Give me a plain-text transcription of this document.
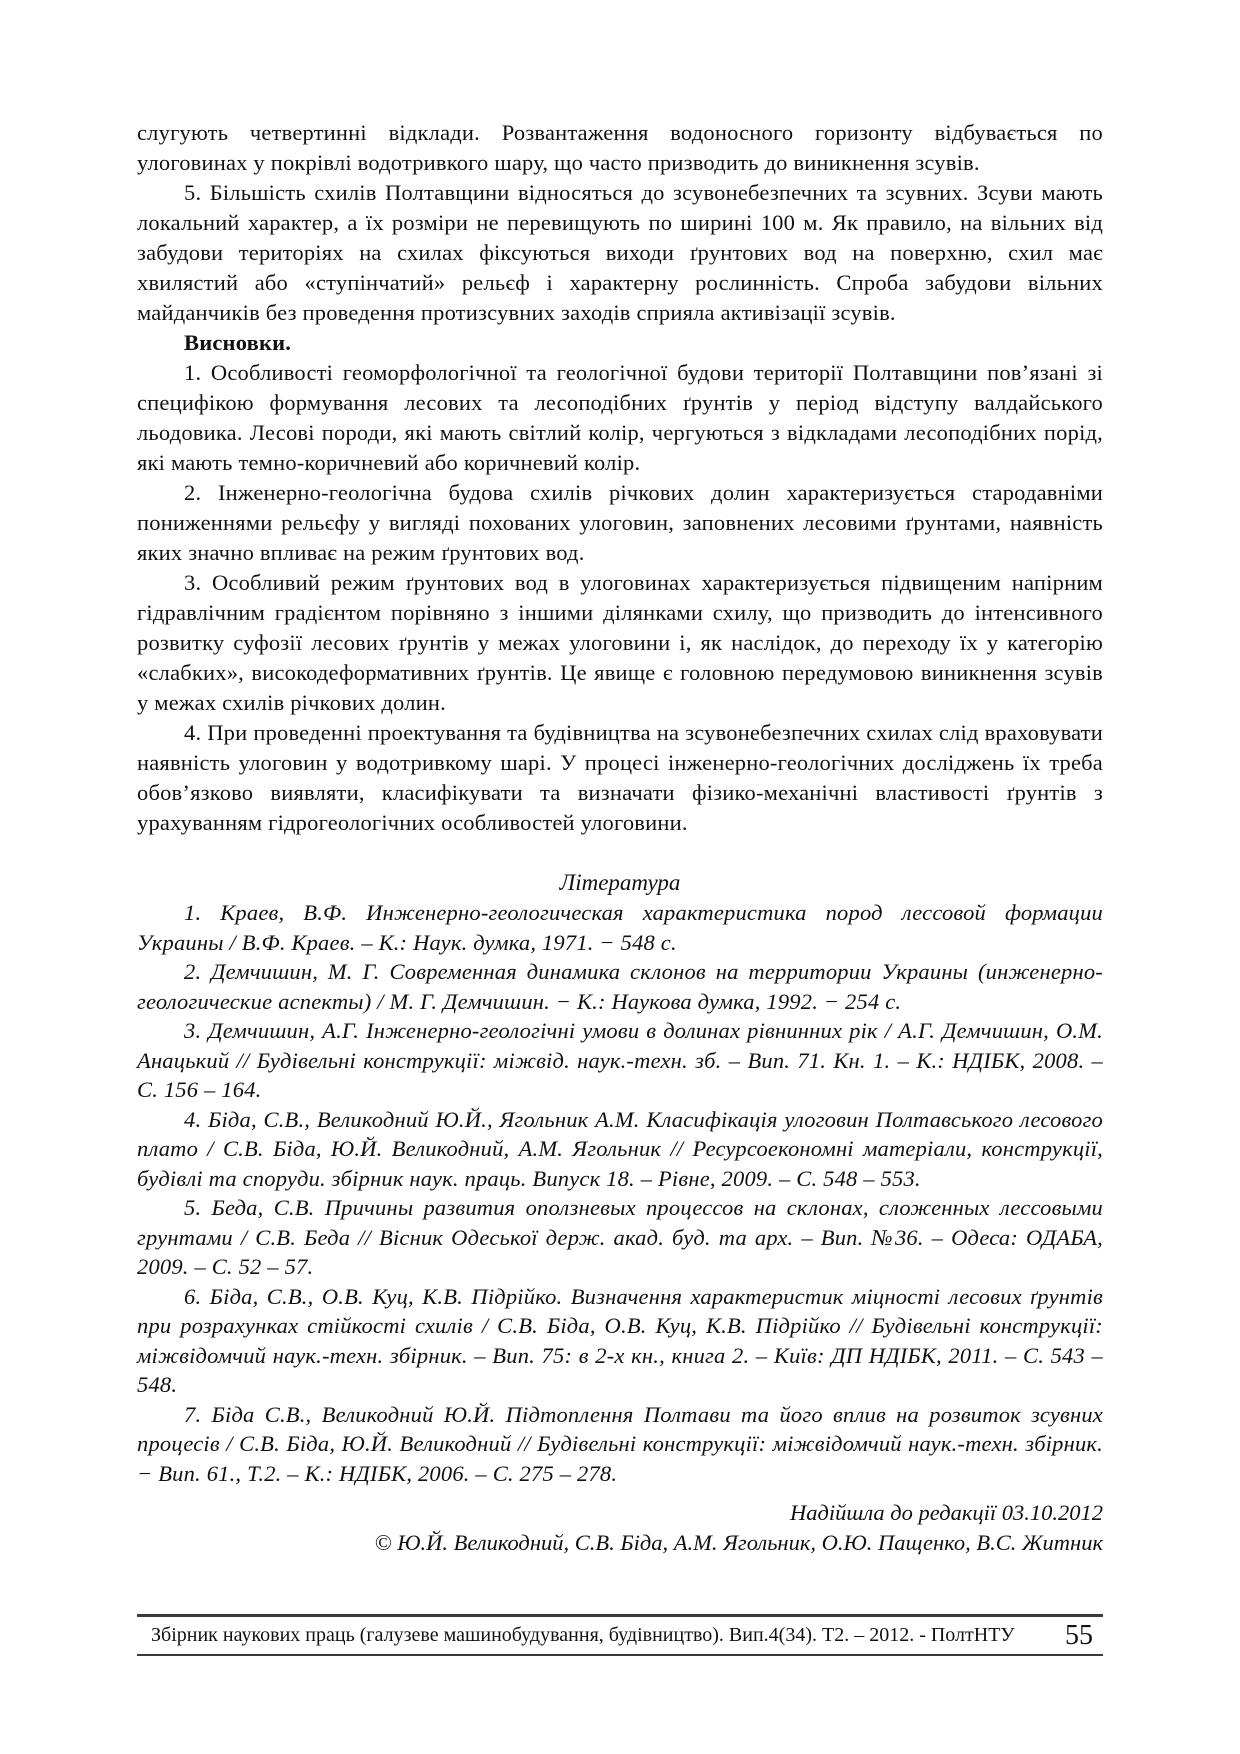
слугують четвертинні відклади. Розвантаження водоносного горизонту відбувається по улоговинах у покрівлі водотривкого шару, що часто призводить до виникнення зсувів.

5. Більшість схилів Полтавщини відносяться до зсувонебезпечних та зсувних. Зсуви мають локальний характер, а їх розміри не перевищують по ширині 100 м. Як правило, на вільних від забудови територіях на схилах фіксуються виходи ґрунтових вод на поверхню, схил має хвилястий або «ступінчатий» рельєф і характерну рослинність. Спроба забудови вільних майданчиків без проведення протизсувних заходів сприяла активізації зсувів.

Висновки.

1. Особливості геоморфологічної та геологічної будови території Полтавщини пов’язані зі специфікою формування лесових та лесоподібних ґрунтів у період відступу валдайського льодовика. Лесові породи, які мають світлий колір, чергуються з відкладами лесоподібних порід, які мають темно-коричневий або коричневий колір.

2. Інженерно-геологічна будова схилів річкових долин характеризується стародавніми пониженнями рельєфу у вигляді похованих улоговин, заповнених лесовими ґрунтами, наявність яких значно впливає на режим ґрунтових вод.

3. Особливий режим ґрунтових вод в улоговинах характеризується підвищеним напірним гідравлічним градієнтом порівняно з іншими ділянками схилу, що призводить до інтенсивного розвитку суфозії лесових ґрунтів у межах улоговини і, як наслідок, до переходу їх у категорію «слабких», високодеформативних ґрунтів. Це явище є головною передумовою виникнення зсувів у межах схилів річкових долин.

4. При проведенні проектування та будівництва на зсувонебезпечних схилах слід враховувати наявність улоговин у водотривкому шарі. У процесі інженерно-геологічних досліджень їх треба обов’язково виявляти, класифікувати та визначати фізико-механічні властивості ґрунтів з урахуванням гідрогеологічних особливостей улоговини.

Література

1. Краев, В.Ф. Инженерно-геологическая характеристика пород лессовой формации Украины / В.Ф. Краев. – К.: Наук. думка, 1971. − 548 с.

2. Демчишин, М. Г. Современная динамика склонов на территории Украины (инженерно-геологические аспекты) / М. Г. Демчишин. − К.: Наукова думка, 1992. − 254 с.

3. Демчишин, А.Г. Інженерно-геологічні умови в долинах рівнинних рік / А.Г. Демчишин, О.М. Анацький // Будівельні конструкції: міжвід. наук.-техн. зб. – Вип. 71. Кн. 1. – К.: НДІБК, 2008. – С. 156 – 164.

4. Біда, С.В., Великодний Ю.Й., Ягольник А.М. Класифікація улоговин Полтавського лесового плато / С.В. Біда, Ю.Й. Великодний, А.М. Ягольник // Ресурсоекономні матеріали, конструкції, будівлі та споруди. збірник наук. праць. Випуск 18. – Рівне, 2009. – С. 548 – 553.

5. Беда, С.В. Причины развития оползневых процессов на склонах, сложенных лессовыми грунтами / С.В. Беда // Вісник Одеської держ. акад. буд. та арх. – Вип. №36. – Одеса: ОДАБА, 2009. – С. 52 – 57.

6. Біда, С.В., О.В. Куц, К.В. Підрійко. Визначення характеристик міцності лесових ґрунтів при розрахунках стійкості схилів / С.В. Біда, О.В. Куц, К.В. Підрійко // Будівельні конструкції: міжвідомчий наук.-техн. збірник. – Вип. 75: в 2-х кн., книга 2. – Київ: ДП НДІБК, 2011. – С. 543 – 548.

7. Біда С.В., Великодний Ю.Й. Підтоплення Полтави та його вплив на розвиток зсувних процесів / С.В. Біда, Ю.Й. Великодний // Будівельні конструкції: міжвідомчий наук.-техн. збірник. − Вип. 61., Т.2. – К.: НДІБК, 2006. – С. 275 – 278.

Надійшла до редакції 03.10.2012

© Ю.Й. Великодний, С.В. Біда, А.М. Ягольник, О.Ю. Пащенко, В.С. Житник

Збірник наукових праць (галузеве машинобудування, будівництво). Вип.4(34). Т2. – 2012. - ПолтНТУ 55
